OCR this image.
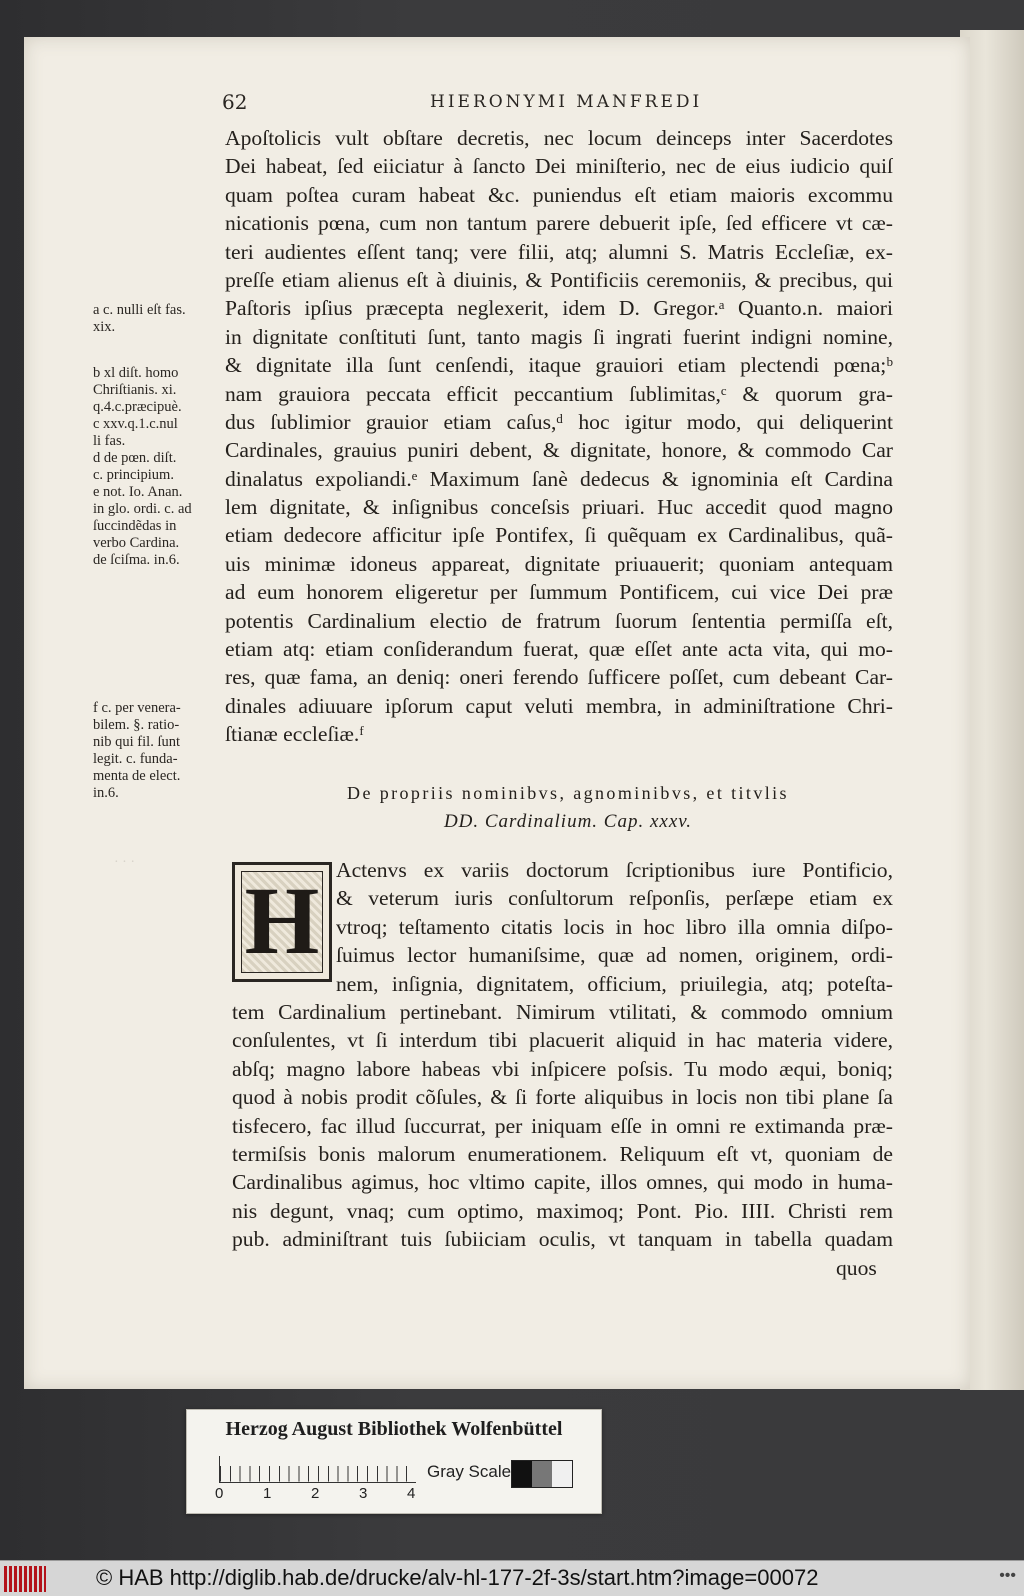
· · ·
62	HIERONYMI MANFREDI
Apoſtolicis vult obſtare decretis, nec locum deinceps inter Sacerdotes
Dei habeat, ſed eiiciatur à ſancto Dei miniſterio, nec de eius iudicio quiſ
quam poſtea curam habeat &c. puniendus eſt etiam maioris excommu
nicationis pœna, cum non tantum parere debuerit ipſe, ſed efficere vt cæ-
teri audientes eſſent tanq; vere filii, atq; alumni S. Matris Eccleſiæ, ex-
preſſe etiam alienus eſt à diuinis, & Pontificiis ceremoniis, & precibus, qui
Paſtoris ipſius præcepta neglexerit, idem D. Gregor.ᵃ Quanto.n. maiori
in dignitate conſtituti ſunt, tanto magis ſi ingrati fuerint indigni nomine,
& dignitate illa ſunt cenſendi, itaque grauiori etiam plectendi pœna;ᵇ
nam grauiora peccata efficit peccantium ſublimitas,ᶜ & quorum gra-
dus ſublimior grauior etiam caſus,ᵈ hoc igitur modo, qui deliquerint
Cardinales, grauius puniri debent, & dignitate, honore, & commodo Car
dinalatus expoliandi.ᵉ Maximum ſanè dedecus & ignominia eſt Cardina
lem dignitate, & inſignibus conceſsis priuari. Huc accedit quod magno
etiam dedecore afficitur ipſe Pontifex, ſi quẽquam ex Cardinalibus, quã-
uis minimæ idoneus appareat, dignitate priuauerit; quoniam antequam
ad eum honorem eligeretur per ſummum Pontificem, cui vice Dei præ
potentis Cardinalium electio de fratrum ſuorum ſententia permiſſa eſt,
etiam atq: etiam conſiderandum fuerat, quæ eſſet ante acta vita, qui mo-
res, quæ fama, an deniq: oneri ferendo ſufficere poſſet, cum debeant Car-
dinales adiuuare ipſorum caput veluti membra, in adminiſtratione Chri-
ſtianæ eccleſiæ.ᶠ
a c. nulli eſt fas.
xix.
b xl diſt. homo
Chriſtianis. xi.
q.4.c.præcipuè.
c xxv.q.1.c.nul
li fas.
d de pœn. diſt.
c. principium.
e not. Io. Anan.
in glo. ordi. c. ad
ſuccindẽdas in
verbo Cardina.
de ſciſma. in.6.
f c. per venera-
bilem. §. ratio-
nib qui fil. ſunt
legit. c. funda-
menta de elect.
in.6.	De propriis nominibvs, agnominibvs, et titvlis
DD. Cardinalium. Cap. xxxv.
H Actenvs ex variis doctorum ſcriptionibus iure Pontificio,
& veterum iuris conſultorum reſponſis, perſæpe etiam ex
vtroq; teſtamento citatis locis in hoc libro illa omnia diſpo-
ſuimus lector humaniſsime, quæ ad nomen, originem, ordi-
nem, inſignia, dignitatem, officium, priuilegia, atq; poteſta-
tem Cardinalium pertinebant. Nimirum vtilitati, & commodo omnium
conſulentes, vt ſi interdum tibi placuerit aliquid in hac materia videre,
abſq; magno labore habeas vbi inſpicere poſsis. Tu modo æqui, boniq;
quod à nobis prodit cõſules, & ſi forte aliquibus in locis non tibi plane ſa
tisfecero, fac illud ſuccurrat, per iniquam eſſe in omni re extimanda præ-
termiſsis bonis malorum enumerationem. Reliquum eſt vt, quoniam de
Cardinalibus agimus, hoc vltimo capite, illos omnes, qui modo in huma-
nis degunt, vnaq; cum optimo, maximoq; Pont. Pio. IIII. Christi rem
pub. adminiſtrant tuis ſubiiciam oculis, vt tanquam in tabella quadam
quos
Herzog August Bibliothek Wolfenbüttel
0	1	2	3	4
Gray Scale
© HAB http://diglib.hab.de/drucke/alv-hl-177-2f-3s/start.htm?image=00072	•••
